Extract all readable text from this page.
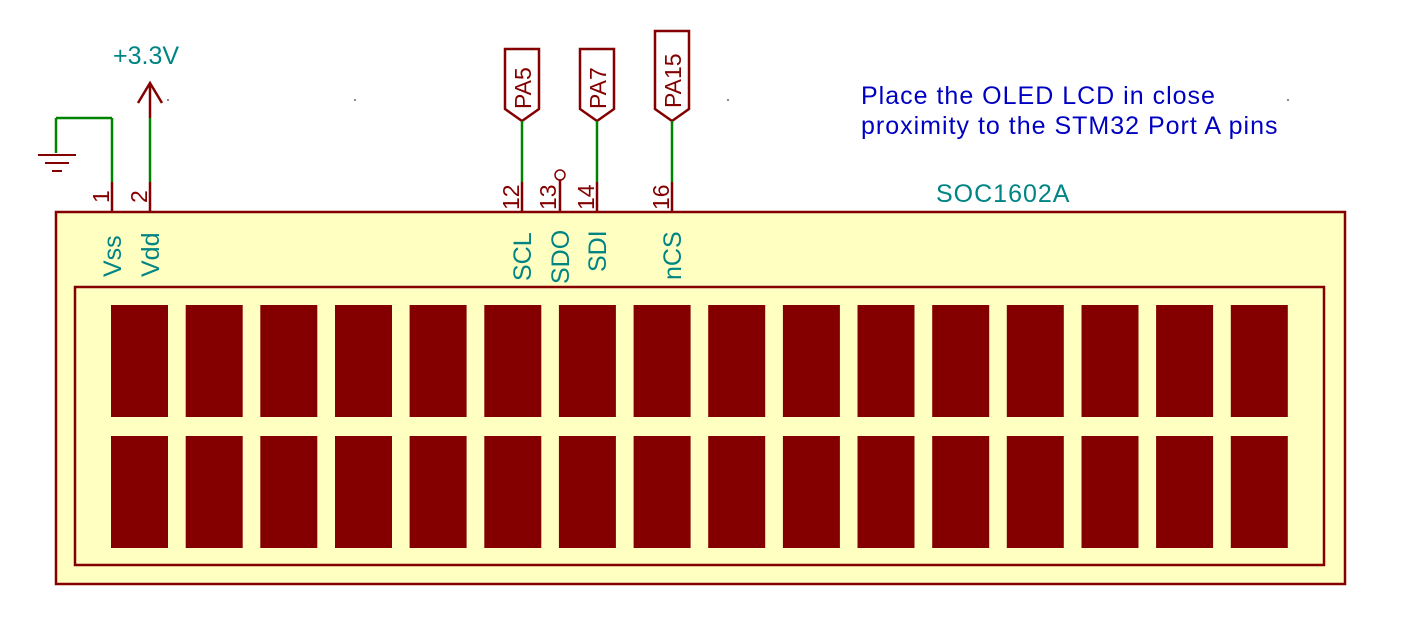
SOC1602A
+3.3V
PA5 PA7 PA15
1 2	12 13 14 16
Vss Vdd	SCL SDO SDI nCS
Place the OLED LCD in close
proximity to the STM32 Port A pins
